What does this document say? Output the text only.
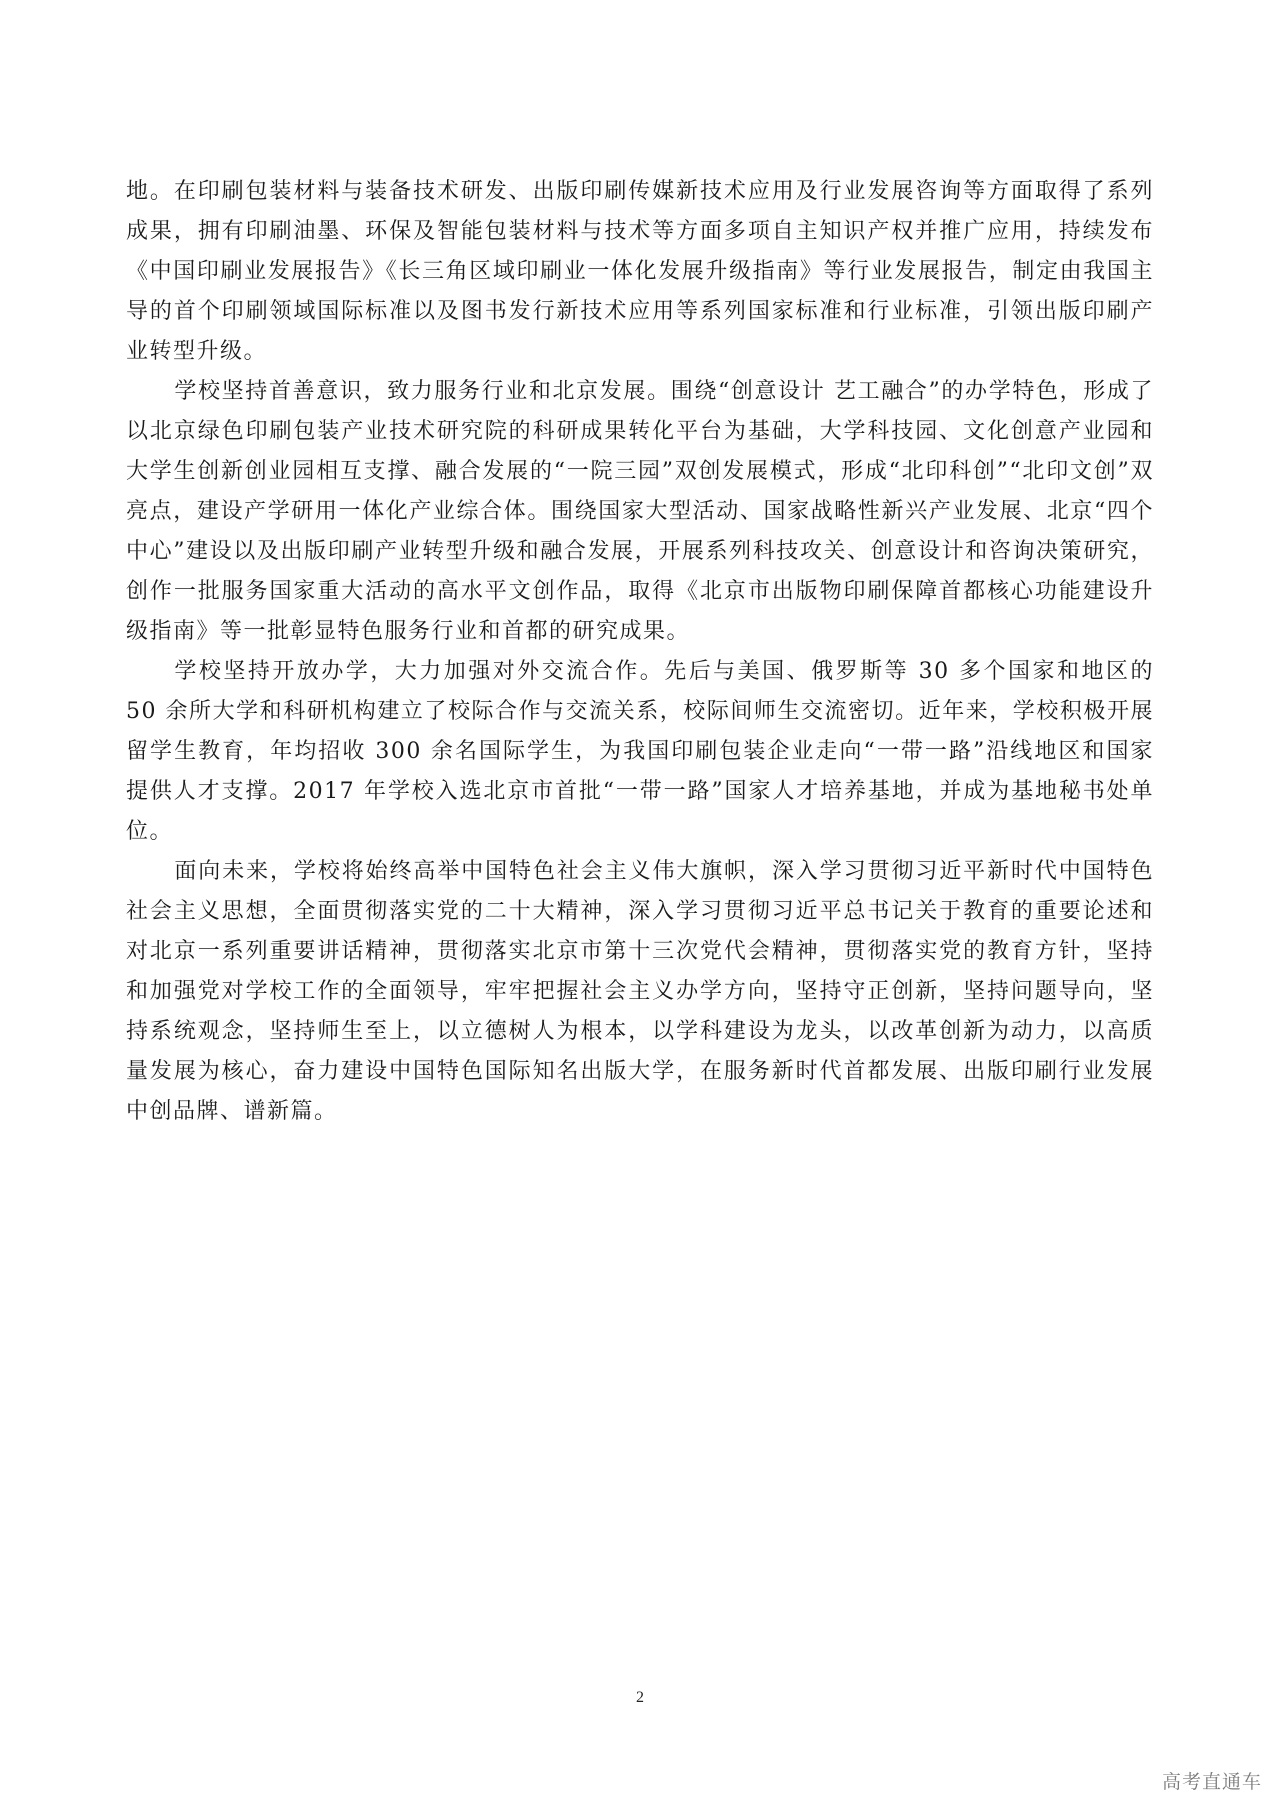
地。在印刷包装材料与装备技术研发、出版印刷传媒新技术应用及行业发展咨询等方面取得了系列成果，拥有印刷油墨、环保及智能包装材料与技术等方面多项自主知识产权并推广应用，持续发布《中国印刷业发展报告》《长三角区域印刷业一体化发展升级指南》等行业发展报告，制定由我国主导的首个印刷领域国际标准以及图书发行新技术应用等系列国家标准和行业标准，引领出版印刷产业转型升级。

学校坚持首善意识，致力服务行业和北京发展。围绕“创意设计 艺工融合”的办学特色，形成了以北京绿色印刷包装产业技术研究院的科研成果转化平台为基础，大学科技园、文化创意产业园和大学生创新创业园相互支撑、融合发展的“一院三园”双创发展模式，形成“北印科创”“北印文创”双亮点，建设产学研用一体化产业综合体。围绕国家大型活动、国家战略性新兴产业发展、北京“四个中心”建设以及出版印刷产业转型升级和融合发展，开展系列科技攻关、创意设计和咨询决策研究，创作一批服务国家重大活动的高水平文创作品，取得《北京市出版物印刷保障首都核心功能建设升级指南》等一批彰显特色服务行业和首都的研究成果。

学校坚持开放办学，大力加强对外交流合作。先后与美国、俄罗斯等 30 多个国家和地区的 50 余所大学和科研机构建立了校际合作与交流关系，校际间师生交流密切。近年来，学校积极开展留学生教育，年均招收 300 余名国际学生，为我国印刷包装企业走向“一带一路”沿线地区和国家提供人才支撑。2017 年学校入选北京市首批“一带一路”国家人才培养基地，并成为基地秘书处单位。

面向未来，学校将始终高举中国特色社会主义伟大旗帜，深入学习贯彻习近平新时代中国特色社会主义思想，全面贯彻落实党的二十大精神，深入学习贯彻习近平总书记关于教育的重要论述和对北京一系列重要讲话精神，贯彻落实北京市第十三次党代会精神，贯彻落实党的教育方针，坚持和加强党对学校工作的全面领导，牢牢把握社会主义办学方向，坚持守正创新，坚持问题导向，坚持系统观念，坚持师生至上，以立德树人为根本，以学科建设为龙头，以改革创新为动力，以高质量发展为核心，奋力建设中国特色国际知名出版大学，在服务新时代首都发展、出版印刷行业发展中创品牌、谱新篇。

2
高考直通车
